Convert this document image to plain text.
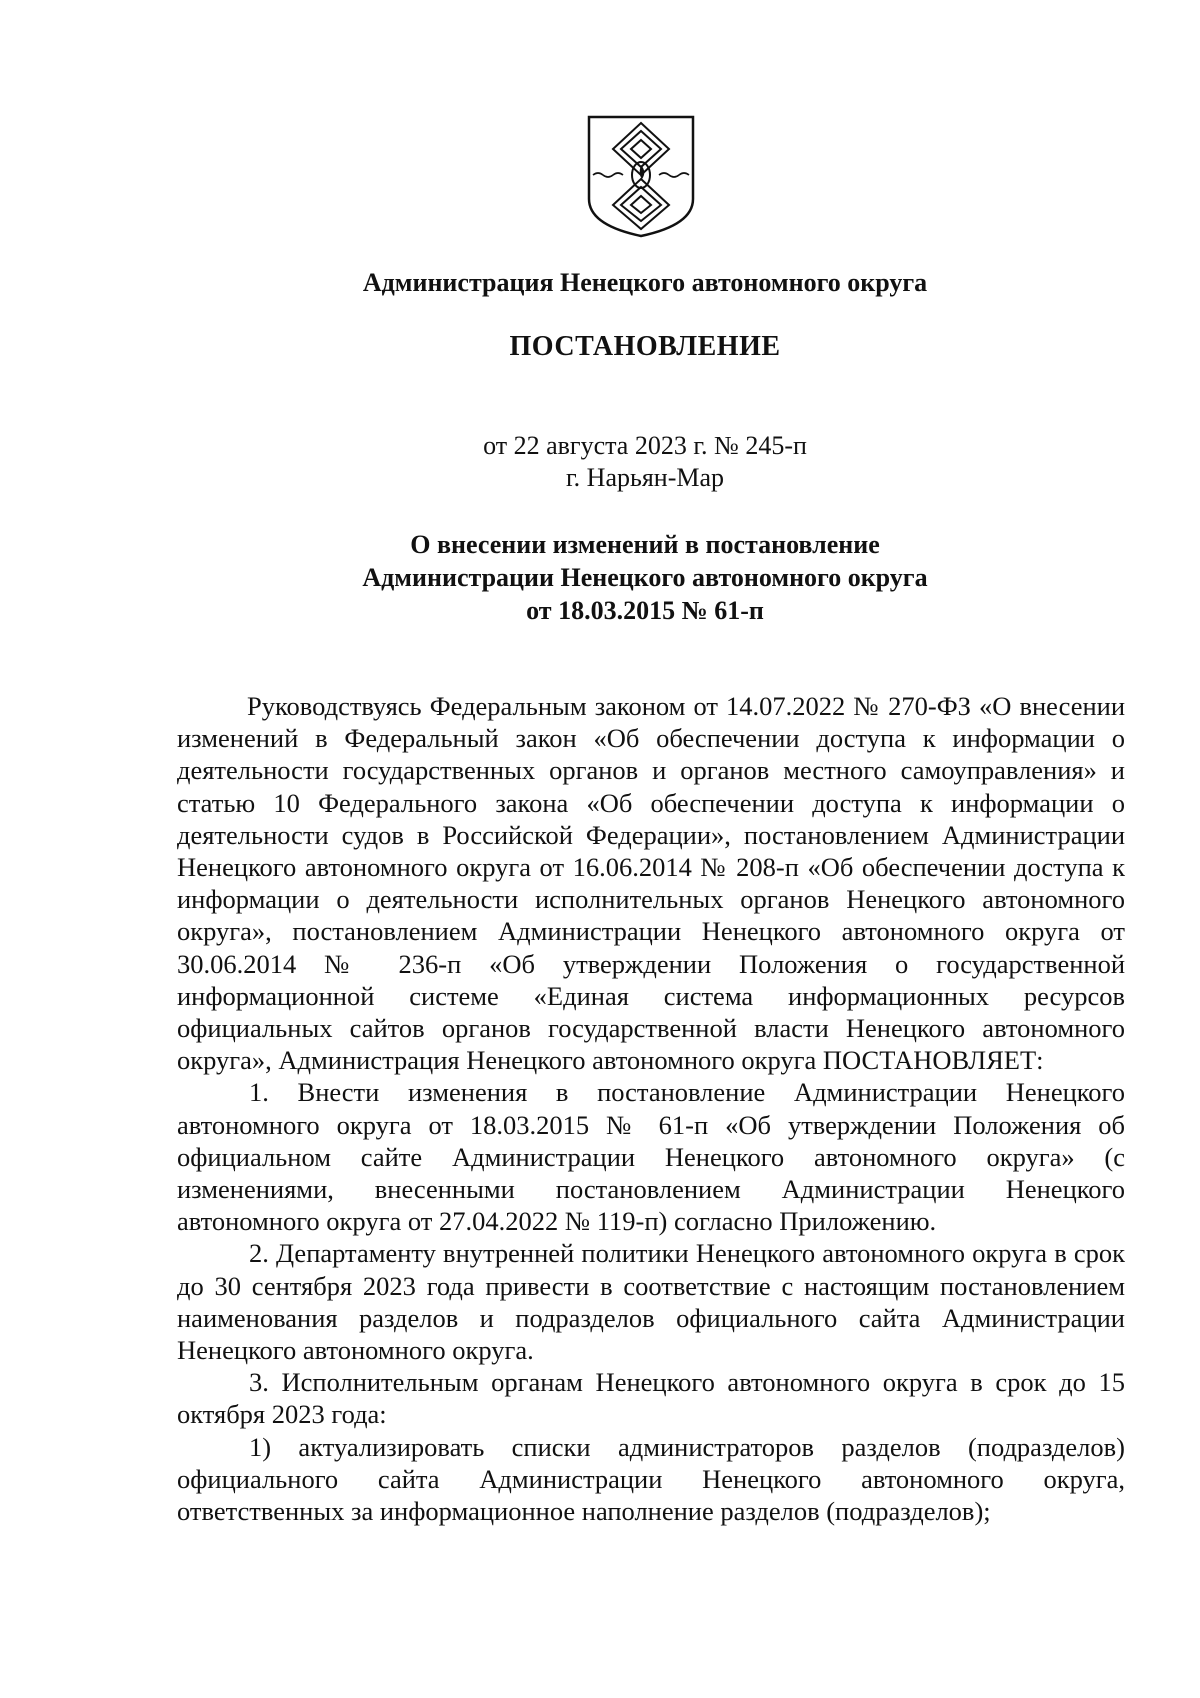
Администрация Ненецкого автономного округа
ПОСТАНОВЛЕНИЕ
от 22 августа 2023 г. № 245-п
г. Нарьян-Мар
О внесении изменений в постановление
Администрации Ненецкого автономного округа
от 18.03.2015 № 61-п

Руководствуясь Федеральным законом от 14.07.2022 № 270-ФЗ «О внесении изменений в Федеральный закон «Об обеспечении доступа к информации о деятельности государственных органов и органов местного самоуправления» и статью 10 Федерального закона «Об обеспечении доступа к информации о деятельности судов в Российской Федерации», постановлением Администрации Ненецкого автономного округа от 16.06.2014 № 208-п «Об обеспечении доступа к информации о деятельности исполнительных органов Ненецкого автономного округа», постановлением Администрации Ненецкого автономного округа от 30.06.2014 № 236-п «Об утверждении Положения о государственной информационной системе «Единая система информационных ресурсов официальных сайтов органов государственной власти Ненецкого автономного округа», Администрация Ненецкого автономного округа ПОСТАНОВЛЯЕТ:

1. Внести изменения в постановление Администрации Ненецкого автономного округа от 18.03.2015 № 61-п «Об утверждении Положения об официальном сайте Администрации Ненецкого автономного округа» (с изменениями, внесенными постановлением Администрации Ненецкого автономного округа от 27.04.2022 № 119-п) согласно Приложению.

2. Департаменту внутренней политики Ненецкого автономного округа в срок до 30 сентября 2023 года привести в соответствие с настоящим постановлением наименования разделов и подразделов официального сайта Администрации Ненецкого автономного округа.

3. Исполнительным органам Ненецкого автономного округа в срок до 15 октября 2023 года:

1) актуализировать списки администраторов разделов (подразделов) официального сайта Администрации Ненецкого автономного округа, ответственных за информационное наполнение разделов (подразделов);
